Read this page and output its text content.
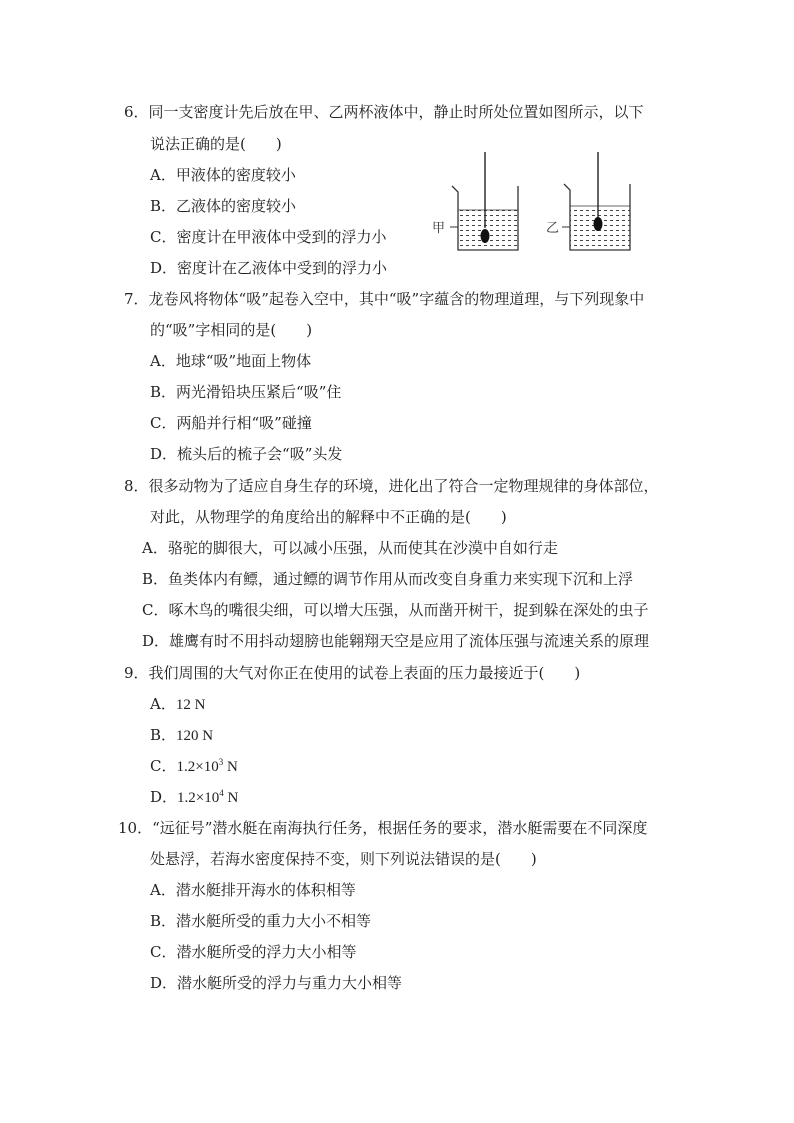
6．同一支密度计先后放在甲、乙两杯液体中，静止时所处位置如图所示，以下
说法正确的是(　　)
A．甲液体的密度较小
B．乙液体的密度较小
C．密度计在甲液体中受到的浮力小
D．密度计在乙液体中受到的浮力小
甲	乙
7．龙卷风将物体“吸”起卷入空中，其中“吸”字蕴含的物理道理，与下列现象中
的“吸”字相同的是(　　)
A．地球“吸”地面上物体
B．两光滑铅块压紧后“吸”住
C．两船并行相“吸”碰撞
D．梳头后的梳子会“吸”头发
8．很多动物为了适应自身生存的环境，进化出了符合一定物理规律的身体部位，
对此，从物理学的角度给出的解释中不正确的是(　　)
A．骆驼的脚很大，可以减小压强，从而使其在沙漠中自如行走
B．鱼类体内有鳔，通过鳔的调节作用从而改变自身重力来实现下沉和上浮
C．啄木鸟的嘴很尖细，可以增大压强，从而凿开树干，捉到躲在深处的虫子
D．雄鹰有时不用抖动翅膀也能翱翔天空是应用了流体压强与流速关系的原理
9．我们周围的大气对你正在使用的试卷上表面的压力最接近于(　　)
A．12 N
B．120 N
C．$1.2\times 10^3$ N
D．$1.2\times 10^4$ N
10．“远征号”潜水艇在南海执行任务，根据任务的要求，潜水艇需要在不同深度
处悬浮，若海水密度保持不变，则下列说法错误的是(　　)
A．潜水艇排开海水的体积相等
B．潜水艇所受的重力大小不相等
C．潜水艇所受的浮力大小相等
D．潜水艇所受的浮力与重力大小相等
